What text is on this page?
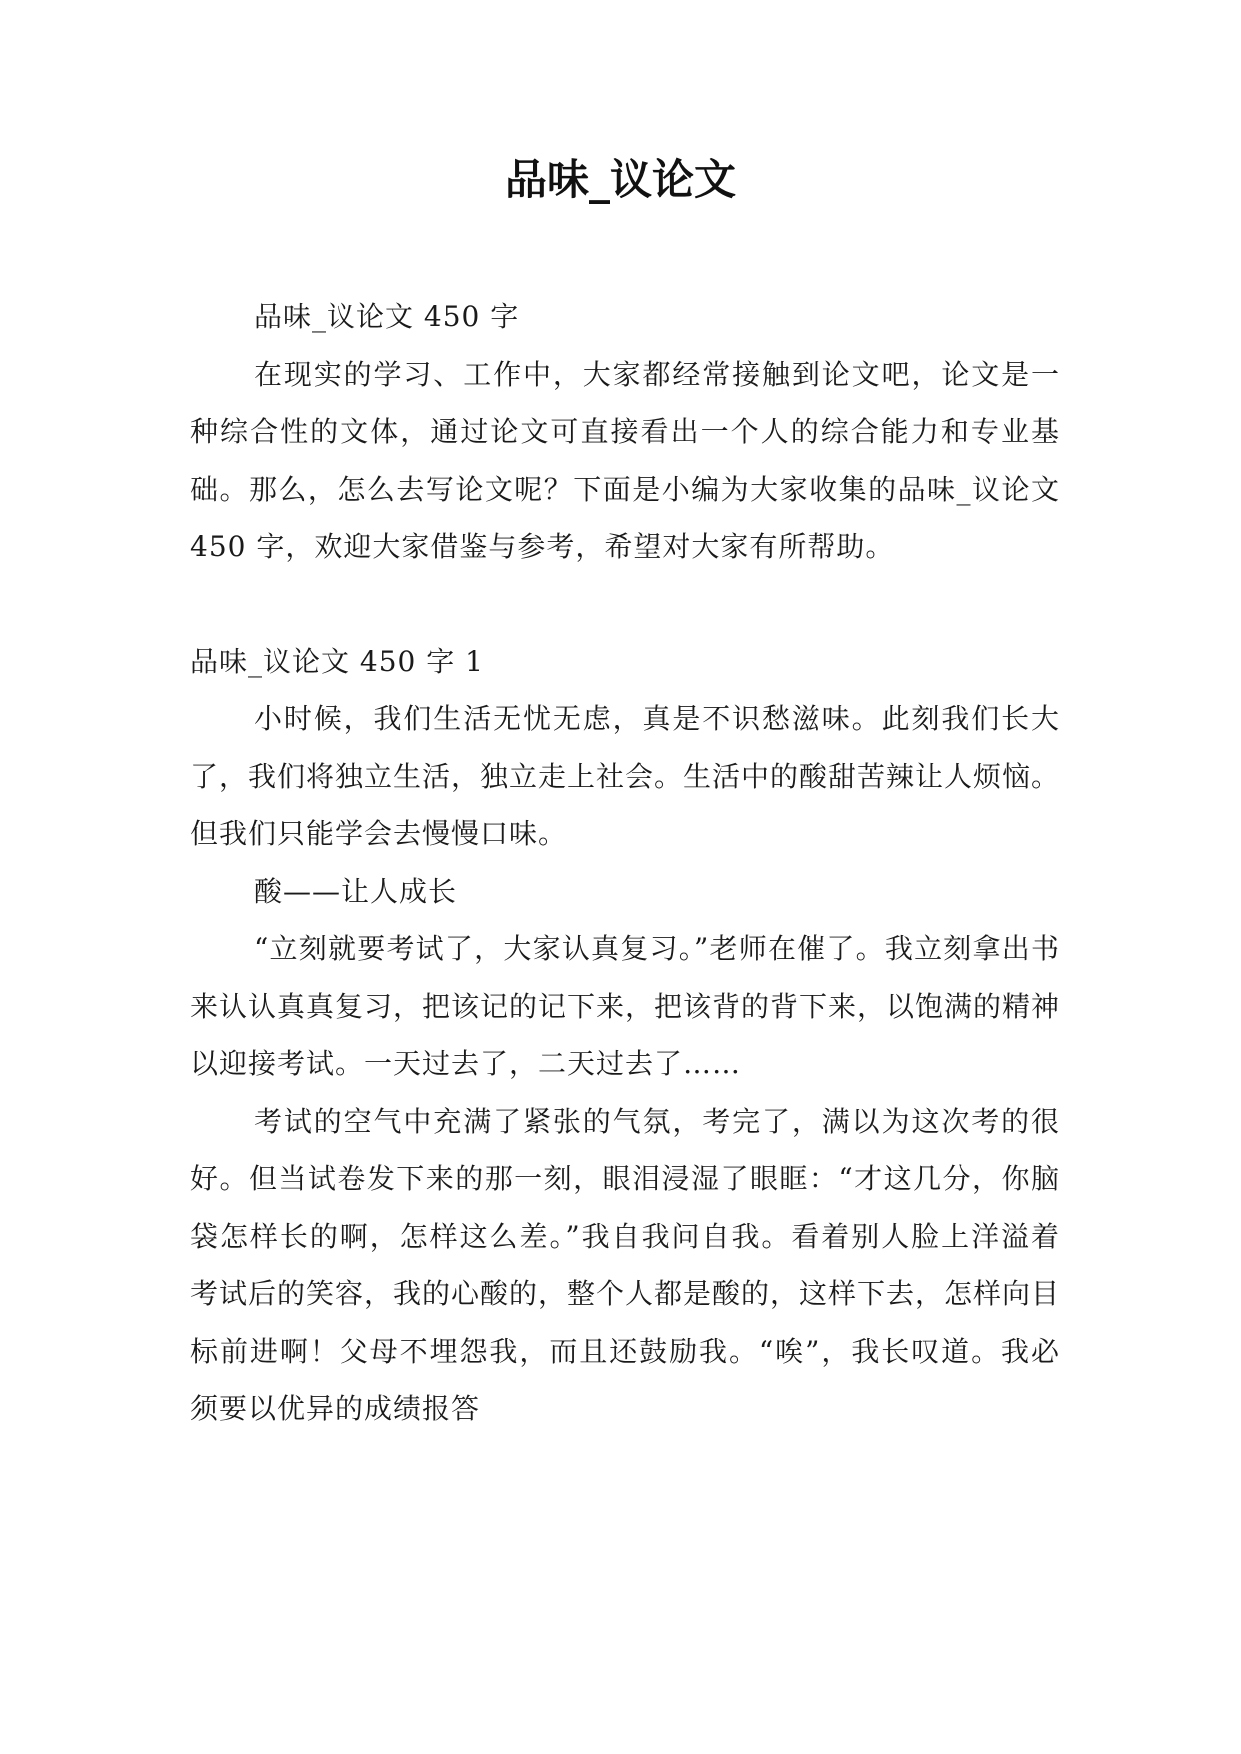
品味_议论文

品味_议论文 450 字

在现实的学习、工作中，大家都经常接触到论文吧，论文是一种综合性的文体，通过论文可直接看出一个人的综合能力和专业基础。那么，怎么去写论文呢？下面是小编为大家收集的品味_议论文 450 字，欢迎大家借鉴与参考，希望对大家有所帮助。

品味_议论文 450 字 1

小时候，我们生活无忧无虑，真是不识愁滋味。此刻我们长大了，我们将独立生活，独立走上社会。生活中的酸甜苦辣让人烦恼。但我们只能学会去慢慢口味。

酸——让人成长

“立刻就要考试了，大家认真复习。”老师在催了。我立刻拿出书来认认真真复习，把该记的记下来，把该背的背下来，以饱满的精神以迎接考试。一天过去了，二天过去了……

考试的空气中充满了紧张的气氛，考完了，满以为这次考的很好。但当试卷发下来的那一刻，眼泪浸湿了眼眶：“才这几分，你脑袋怎样长的啊，怎样这么差。”我自我问自我。看着别人脸上洋溢着考试后的笑容，我的心酸的，整个人都是酸的，这样下去，怎样向目标前进啊！父母不埋怨我，而且还鼓励我。“唉”，我长叹道。我必须要以优异的成绩报答
